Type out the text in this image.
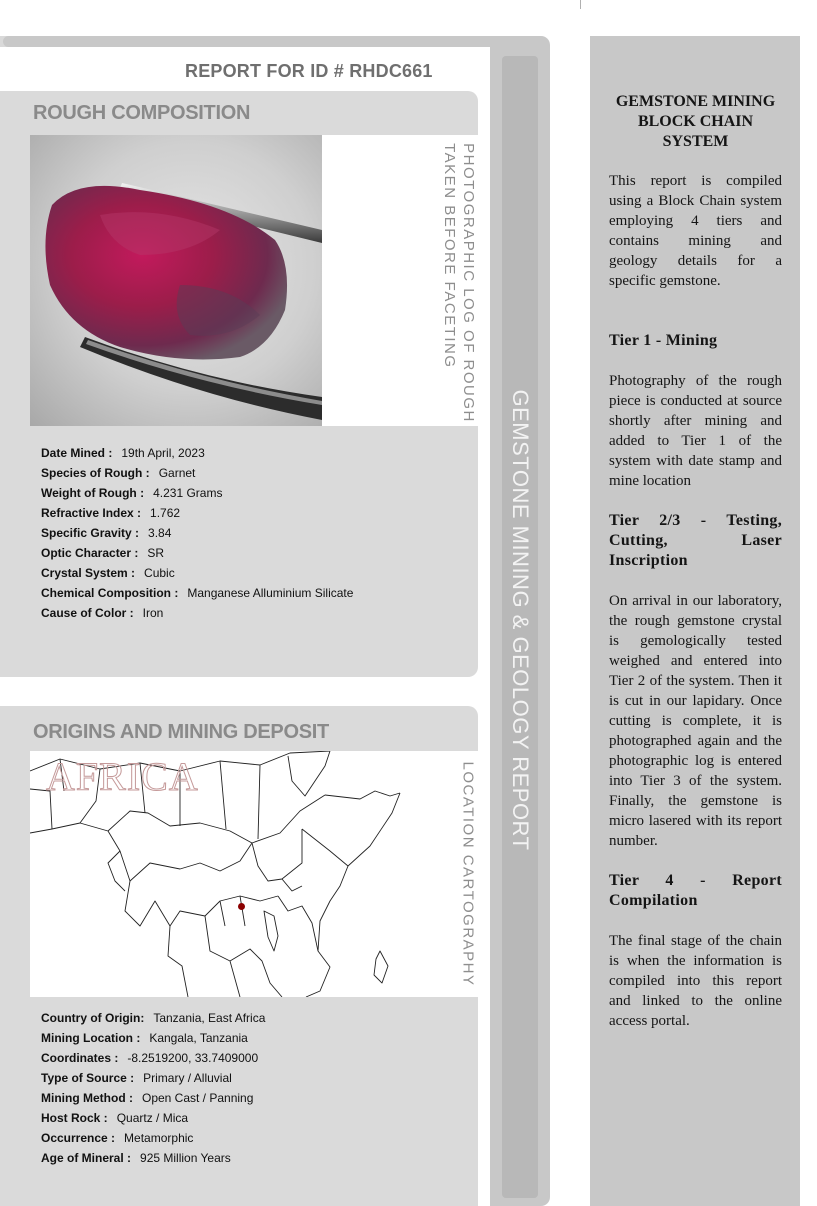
REPORT FOR ID # RHDC661
GEMSTONE MINING & GEOLOGY REPORT
ROUGH COMPOSITION
PHOTOGRAPHIC LOG OF ROUGH
TAKEN BEFORE FACETING
Date Mined : 19th April, 2023
Species of Rough : Garnet
Weight of Rough : 4.231 Grams
Refractive Index : 1.762
Specific Gravity : 3.84
Optic Character : SR
Crystal System : Cubic
Chemical Composition : Manganese Alluminium Silicate
Cause of Color : Iron
ORIGINS AND MINING DEPOSIT
AFRICA	LOCATION CARTOGRAPHY
Country of Origin: Tanzania, East Africa
Mining Location : Kangala, Tanzania
Coordinates : -8.2519200, 33.7409000
Type of Source : Primary / Alluvial
Mining Method : Open Cast / Panning
Host Rock : Quartz / Mica
Occurrence : Metamorphic
Age of Mineral : 925 Million Years
GEMSTONE MINING BLOCK CHAIN SYSTEM

This report is compiled using a Block Chain system employing 4 tiers and contains mining and geology details for a specific gemstone.

Tier 1 - Mining

Photography of the rough piece is conducted at source shortly after mining and added to Tier 1 of the system with date stamp and mine location

Tier 2/3 - Testing, Cutting, Laser Inscription

On arrival in our laboratory, the rough gemstone crystal is gemologically tested weighed and entered into Tier 2 of the system. Then it is cut in our lapidary. Once cutting is complete, it is photographed again and the photographic log is entered into Tier 3 of the system. Finally, the gemstone is micro lasered with its report number.

Tier 4 - Report Compilation

The final stage of the chain is when the information is compiled into this report and linked to the online access portal.
